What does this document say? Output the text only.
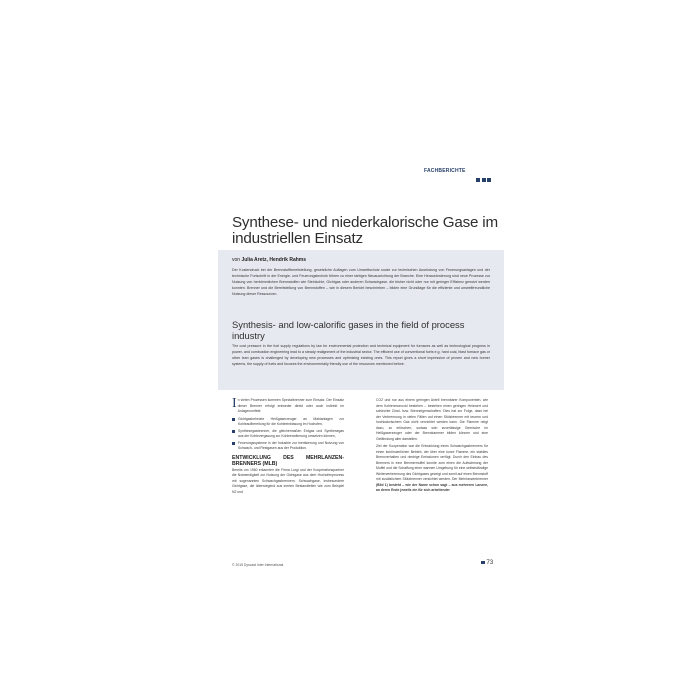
FACHBERICHTE
Synthese- und niederkalorische Gase im industriellen Einsatz
von Julia Aretz, Hendrik Rahms
Der Kostendruck bei der Brennstoffbereitstellung, gesetzliche Auflagen zum Umweltschutz sowie zur technischen Ausrüstung von Feuerungsanlagen und der technische Fortschritt in der Energie- und Feuerungstechnik führen zu einer stetigen Neuausrichtung der Branche. Eine Herausforderung sind neue Prozesse zur Nutzung von herkömmlichen Brennstoffen wie Steinkohle, Gichtgas oder anderen Schwachgase, die bisher nicht oder nur mit geringer Effizienz genutzt werden konnten. Brenner und die Bereitstellung von Brennstoffen – wie in diesem Bericht beschrieben – bilden eine Grundlage für die effiziente und umweltfreundliche Nutzung dieser Ressourcen.
Synthesis- and low-calorific gases in the field of process industry
The cost pressure in the fuel supply regulations by law for environmental protection and technical equipment for furnaces as well as technological progress in power- and combustion engineering lead to a steady realignment of the industrial sector. The efficient use of conventional fuels e.g. hard coal, blast furnace gas or other lean gases is challenged by developing new processes and optimizing existing ones. This report gives a short impression of proven and new burner systems, the supply of fuels and focuses the environmentally friendly use of the resources mentioned before.

In vielen Prozessen kommen Spezialbrenner zum Einsatz. Der Einsatz dieser Brenner erfolgt entweder direkt oder auch indirekt im Anlagenumfeld:

Gichtgasbeheizte Heißgaserzeuger an Mahlanlagen zur Kohleaufbereitung für die Kohleeinblasung im Hochofen,
Synthesegasbrenner, die gleichermaßen Erdgas und Synthesegas aus der Kohlevergasung zur Kohleerwärmung umsetzen können,
Feuerungssysteme in der Industrie zur Inertisierung und Nutzung von Schwach- und Restgasen aus der Produktion.
ENTWICKLUNG DES MEHRLANZEN-BRENNERS (MLB)

Bereits um 1960 erkannten die Firma Lurgi und der Kooperationspartner die Notwendigkeit zur Nutzung der Gichtgase aus dem Hochofenprozess mit sogenannten Schwachgasbrennern. Schwachgase, insbesondere Gichtgase, die überwiegend aus inerten Bestandteilen wie zum Beispiel N2 und

CO2 und nur aus einem geringen Anteil brennbarer Komponenten, wie dem Kohlenmonoxid bestehen – bestehen einen geringen Heizwert und schlechte Zünd- bzw. Brenneigenschaften. Dies hat zur Folge, dass bei der Verbrennung in vielen Fällen auf einen Stützbrenner mit teurem und hochkalorischem Gas nicht verzichtet werden kann. Die Flamme neigt dazu, zu erlöschen, sodass sich zuverlässige Gemische im Heißgaserzeuger oder der Brennkammer bilden können und eine Gefährdung aller darstellen.

Ziel der Kooperation war die Entwicklung eines Schwachgasbrenners für einen kontinuierlichen Betrieb, der über eine kurze Flamme, ein stabiles Brennverhalten und niedrige Emissionen verfügt. Durch den Einbau des Brenners in eine Brennermuffel konnte zum einen die Aufwärmung der Muffel und die Schaffung einer warmen Umgebung für eine selbstständige Weiterverbrennung des Gichtgases gezeigt und somit auf einen Brennstoff mit zusätzlichem Stützbrenner verzichtet werden. Der Mehrlanzenbrenner (Bild 1) besteht – wie der Name schon sagt – aus mehreren Lanzen, an deren Ende jeweils ein für sich arbeitender

© 2015 Dyscast Inter International	73
